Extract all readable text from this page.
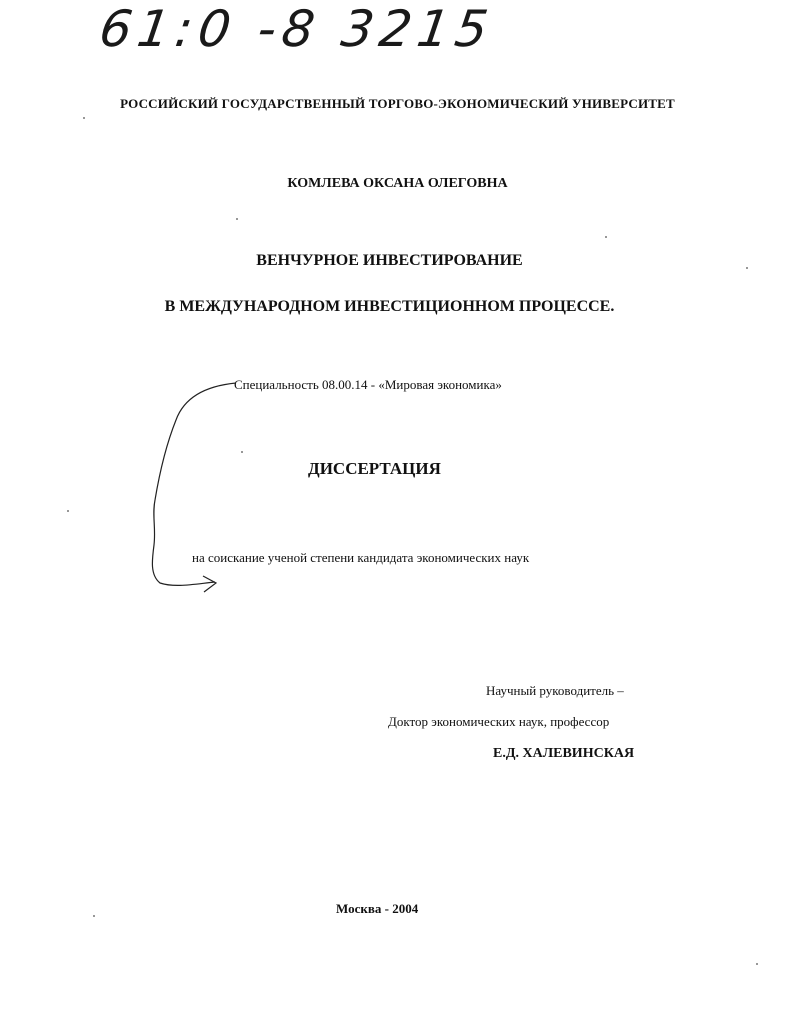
61:0 -8 3215
РОССИЙСКИЙ ГОСУДАРСТВЕННЫЙ ТОРГОВО-ЭКОНОМИЧЕСКИЙ УНИВЕРСИТЕТ
КОМЛЕВА ОКСАНА ОЛЕГОВНА
ВЕНЧУРНОЕ ИНВЕСТИРОВАНИЕ
В МЕЖДУНАРОДНОМ ИНВЕСТИЦИОННОМ ПРОЦЕССЕ.
Специальность 08.00.14 - «Мировая экономика»
ДИССЕРТАЦИЯ
на соискание ученой степени кандидата экономических наук
Научный руководитель –
Доктор экономических наук, профессор
Е.Д. ХАЛЕВИНСКАЯ
Москва - 2004
